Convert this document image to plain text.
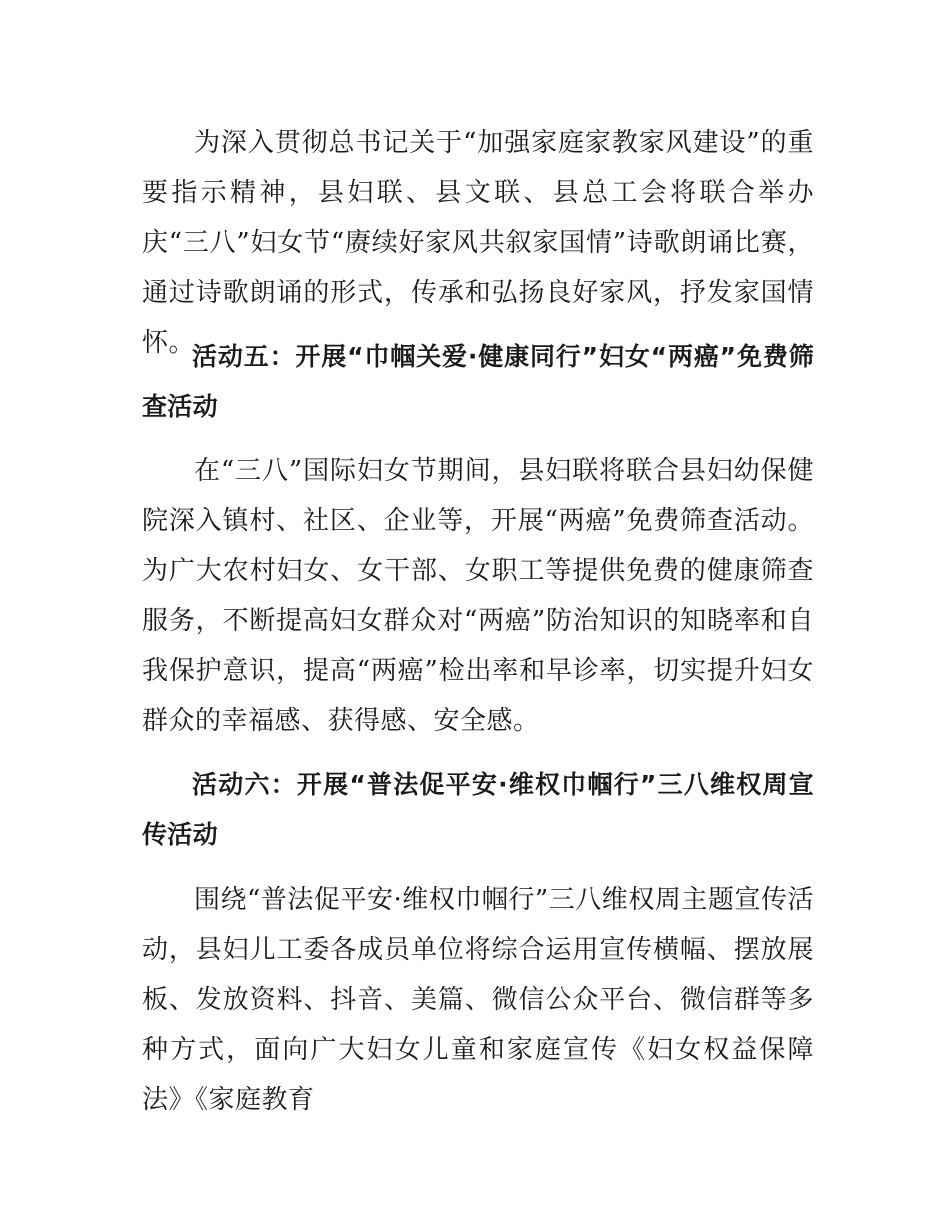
为深入贯彻总书记关于“加强家庭家教家风建设”的重要指示精神，县妇联、县文联、县总工会将联合举办庆“三八”妇女节“赓续好家风共叙家国情”诗歌朗诵比赛，通过诗歌朗诵的形式，传承和弘扬良好家风，抒发家国情怀。

活动五：开展“巾帼关爱·健康同行”妇女“两癌”免费筛查活动

在“三八”国际妇女节期间，县妇联将联合县妇幼保健院深入镇村、社区、企业等，开展“两癌”免费筛查活动。为广大农村妇女、女干部、女职工等提供免费的健康筛查服务，不断提高妇女群众对“两癌”防治知识的知晓率和自我保护意识，提高“两癌”检出率和早诊率，切实提升妇女群众的幸福感、获得感、安全感。

活动六：开展“普法促平安·维权巾帼行”三八维权周宣传活动

围绕“普法促平安·维权巾帼行”三八维权周主题宣传活动，县妇儿工委各成员单位将综合运用宣传横幅、摆放展板、发放资料、抖音、美篇、微信公众平台、微信群等多种方式，面向广大妇女儿童和家庭宣传《妇女权益保障法》《家庭教育
